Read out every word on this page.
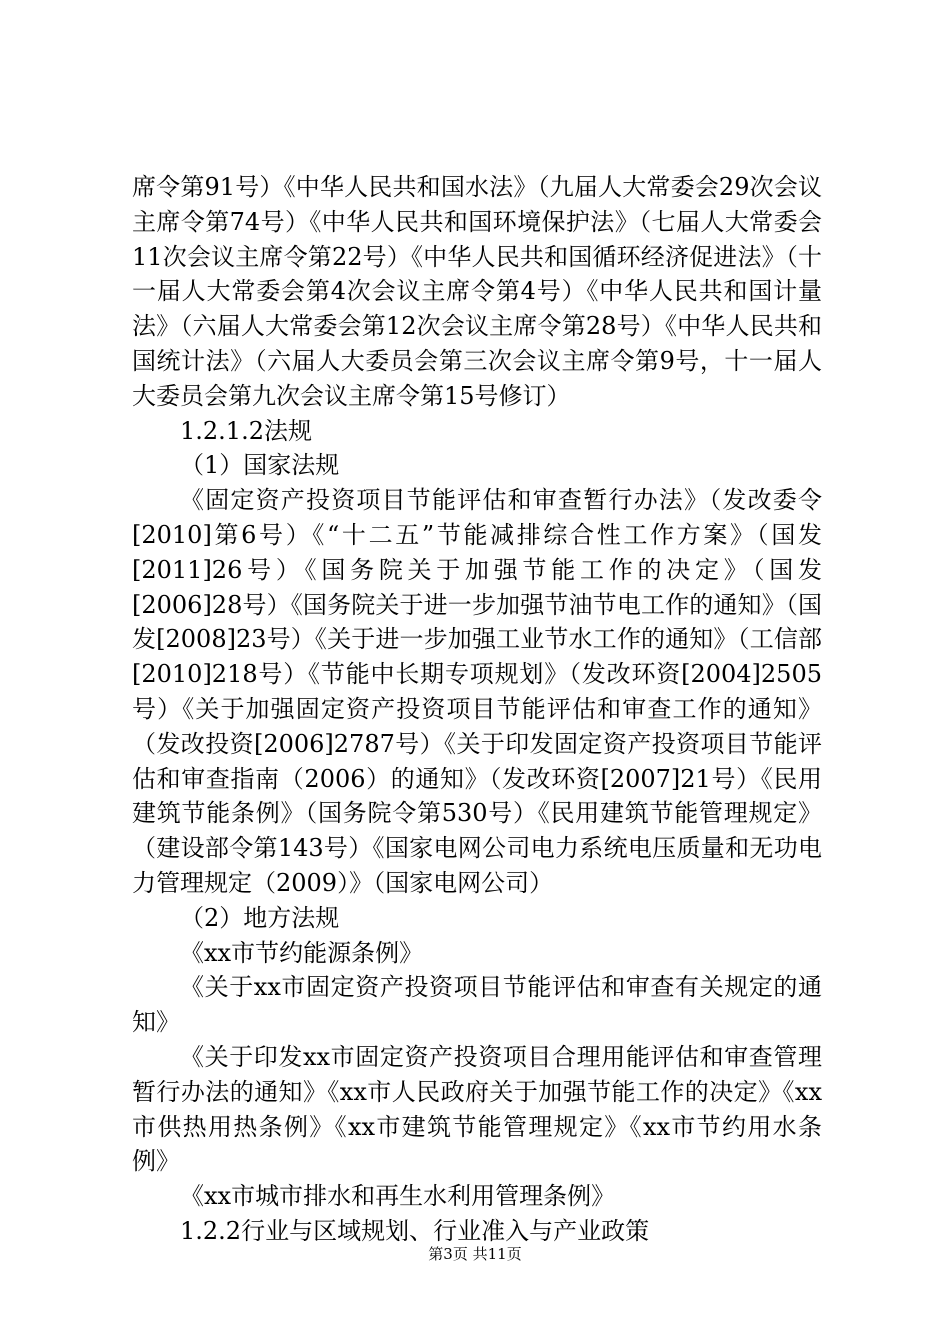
席令第91号）《中华人民共和国水法》（九届人大常委会29次会议主席令第74号）《中华人民共和国环境保护法》（七届人大常委会11次会议主席令第22号）《中华人民共和国循环经济促进法》（十一届人大常委会第4次会议主席令第4号）《中华人民共和国计量法》（六届人大常委会第12次会议主席令第28号）《中华人民共和国统计法》（六届人大委员会第三次会议主席令第9号，十一届人大委员会第九次会议主席令第15号修订）

1.2.1.2法规

（1）国家法规

《固定资产投资项目节能评估和审查暂行办法》（发改委令[2010]第6号）《“十二五”节能减排综合性工作方案》（国发[2011]26号）《国务院关于加强节能工作的决定》（国发[2006]28号）《国务院关于进一步加强节油节电工作的通知》（国发[2008]23号）《关于进一步加强工业节水工作的通知》（工信部[2010]218号）《节能中长期专项规划》（发改环资[2004]2505号）《关于加强固定资产投资项目节能评估和审查工作的通知》（发改投资[2006]2787号）《关于印发固定资产投资项目节能评估和审查指南（2006）的通知》（发改环资[2007]21号）《民用建筑节能条例》（国务院令第530号）《民用建筑节能管理规定》（建设部令第143号）《国家电网公司电力系统电压质量和无功电力管理规定（2009）》（国家电网公司）

（2）地方法规

《xx市节约能源条例》

《关于xx市固定资产投资项目节能评估和审查有关规定的通知》

《关于印发xx市固定资产投资项目合理用能评估和审查管理暂行办法的通知》《xx市人民政府关于加强节能工作的决定》《xx市供热用热条例》《xx市建筑节能管理规定》《xx市节约用水条例》

《xx市城市排水和再生水利用管理条例》

1.2.2行业与区域规划、行业准入与产业政策

第3页 共11页
